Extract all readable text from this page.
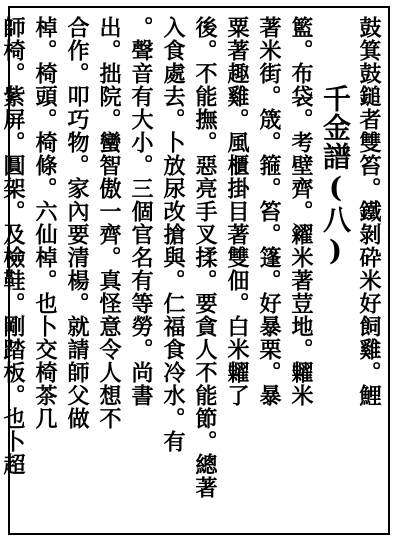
鼓箕鼓鎚者雙笞。鐵剝砕米好飼雞。鯉
千金譜(八)
籃。布袋。考壁齊。糴米著荳地。糶米
著米街。筬。箍。笞。篷。好暴栗。暴
粟著趣雞。風櫃掛目著雙佃。白米糶了
後。不能撫。惡亮手叉揉。要貪人不能節。總著
入食處去。卜放尿改搶與。仁福食冷水。有
。聲音有大小。三個官名有等勞。尚書
出。拙院。蠻智傲一齊。真怪意令人想不
合作。叩巧物。家內要清楊。就請師父做
棹。椅頭。椅條。六仙棹。也卜交椅茶几
師椅。紫屏。圓架。及檢鞋。剛踏板。也卜超
